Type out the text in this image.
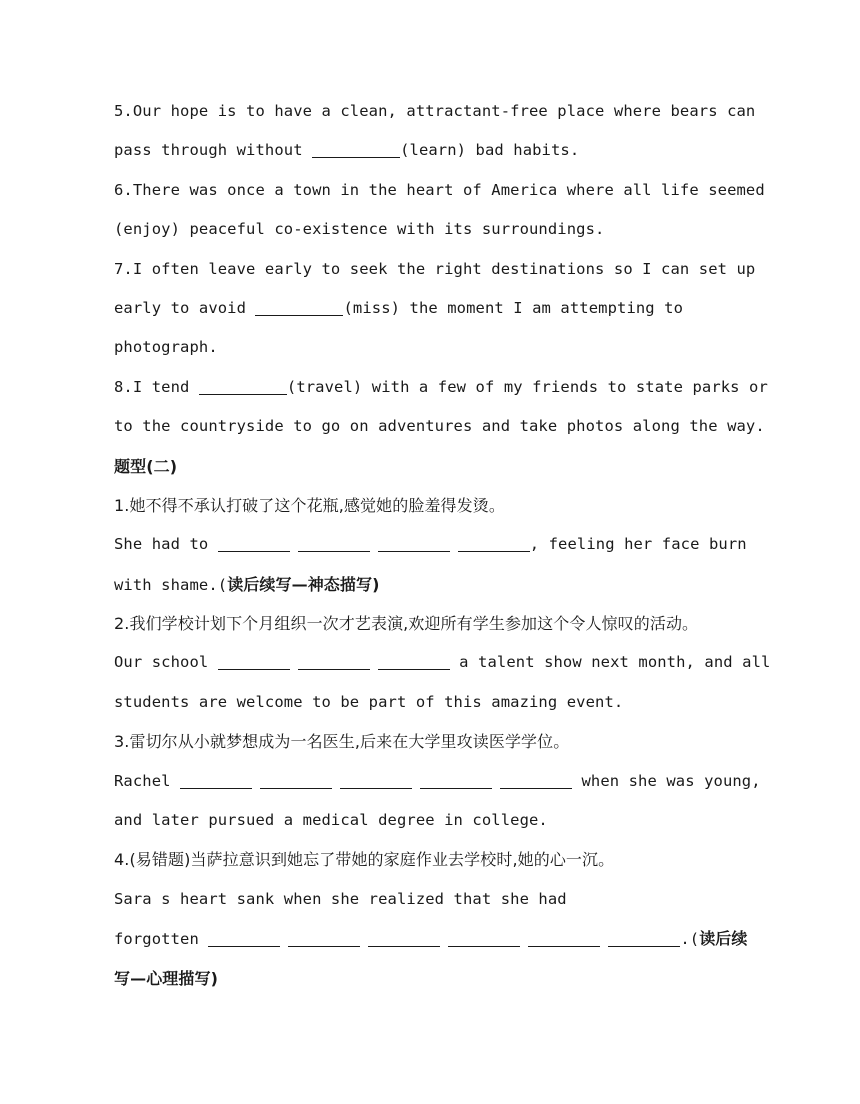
5.Our hope is to have a clean, attractant-free place where bears can
pass through without	(learn) bad habits.
6.There was once a town in the heart of America where all life seemed
(enjoy) peaceful co-existence with its surroundings.
7.I often leave early to seek the right destinations so I can set up
early to avoid	(miss) the moment I am attempting to
photograph.
8.I tend	(travel) with a few of my friends to state parks or
to the countryside to go on adventures and take photos along the way.
题型(二)
1.她不得不承认打破了这个花瓶,感觉她的脸羞得发烫。
She had to	, feeling her face burn
with shame.(读后续写—神态描写)
2.我们学校计划下个月组织一次才艺表演,欢迎所有学生参加这个令人惊叹的活动。
Our school	a talent show next month, and all
students are welcome to be part of this amazing event.
3.雷切尔从小就梦想成为一名医生,后来在大学里攻读医学学位。
Rachel	when she was young,
and later pursued a medical degree in college.
4.(易错题)当萨拉意识到她忘了带她的家庭作业去学校时,她的心一沉。
Sara s heart sank when she realized that she had
forgotten	.(读后续
写—心理描写)
